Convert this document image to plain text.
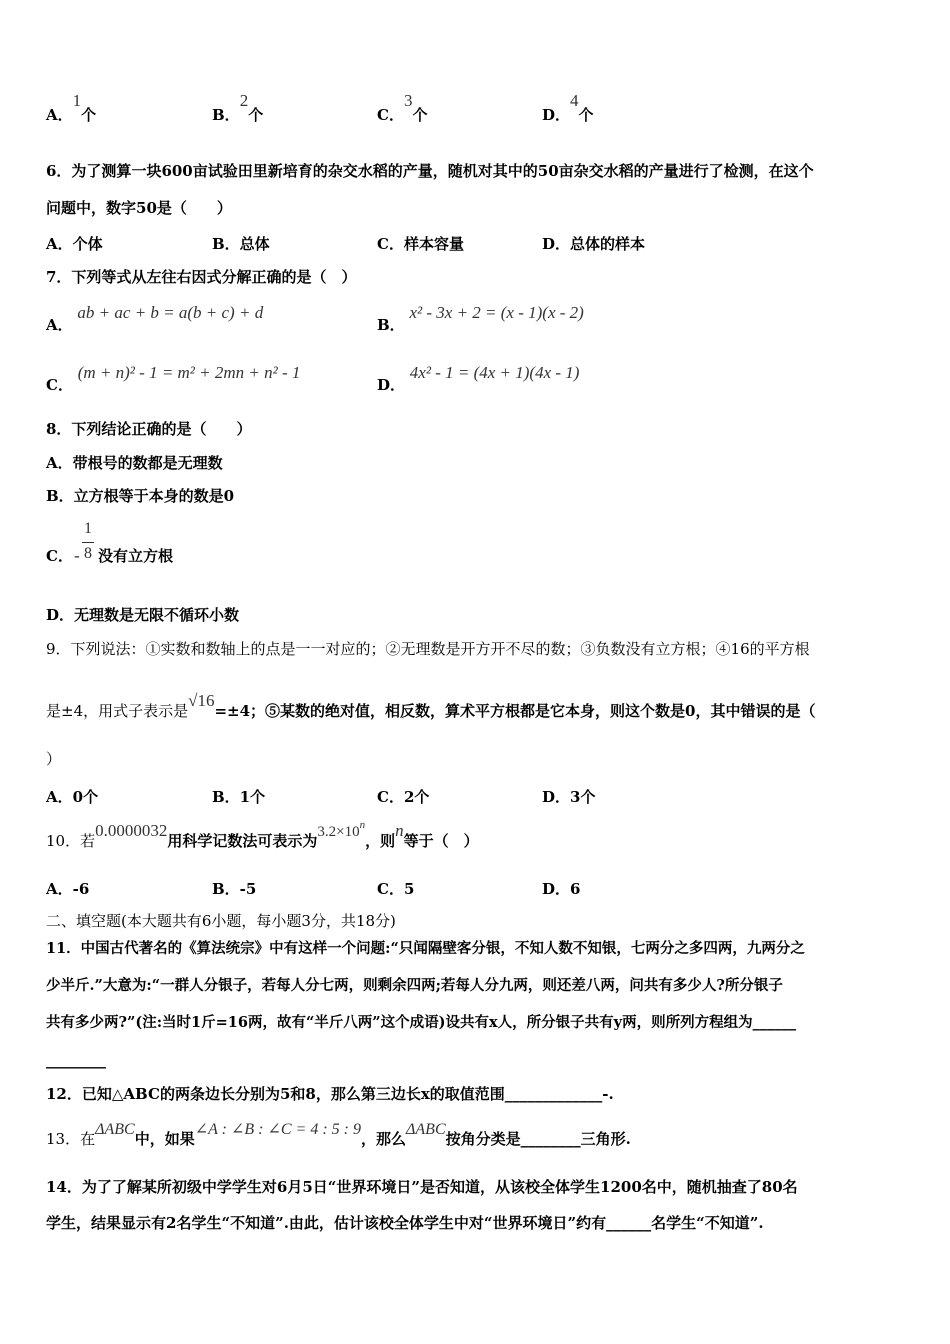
A．1个	B．2个	C．3个	D．4个
6．为了测算一块600亩试验田里新培育的杂交水稻的产量，随机对其中的50亩杂交水稻的产量进行了检测，在这个
问题中，数字50是（　　）
A．个体	B．总体	C．样本容量	D．总体的样本
7．下列等式从左往右因式分解正确的是（　）
A． ab + ac + b = a(b + c) + d
B． x² - 3x + 2 = (x - 1)(x - 2)
C． (m + n)² - 1 = m² + 2mn + n² - 1
D． 4x² - 1 = (4x + 1)(4x - 1)
8．下列结论正确的是（　　）
A．带根号的数都是无理数
B．立方根等于本身的数是0
C． -
1
8 没有立方根
D．无理数是无限不循环小数
9．下列说法：①实数和数轴上的点是一一对应的；②无理数是开方开不尽的数；③负数没有立方根；④16的平方根
是±4，用式子表示是√16=±4；⑤某数的绝对值，相反数，算术平方根都是它本身，则这个数是0，其中错误的是（
）
A．0个	B．1个	C．2个	D．3个
10．若0.0000032用科学记数法可表示为$3.2\times 10^n$，则n等于（　）
A．-6	B．-5	C．5	D．6
二、填空题(本大题共有6小题，每小题3分，共18分)
11．中国古代著名的《算法统宗》中有这样一个问题:“只闻隔壁客分银，不知人数不知银，七两分之多四两，九两分之
少半斤.”大意为:“一群人分银子，若每人分七两，则剩余四两;若每人分九两，则还差八两，问共有多少人?所分银子
共有多少两?”(注:当时1斤=16两，故有“半斤八两”这个成语)设共有x人，所分银子共有y两，则所列方程组为______
________
12．已知△ABC的两条边长分别为5和8，那么第三边长x的取值范围_____________-.
13．在ΔABC中，如果∠A : ∠B : ∠C = 4 : 5 : 9，那么ΔABC按角分类是________三角形.
14．为了了解某所初级中学学生对6月5日“世界环境日”是否知道，从该校全体学生1200名中，随机抽查了80名
学生，结果显示有2名学生“不知道”.由此，估计该校全体学生中对“世界环境日”约有______名学生“不知道”.
